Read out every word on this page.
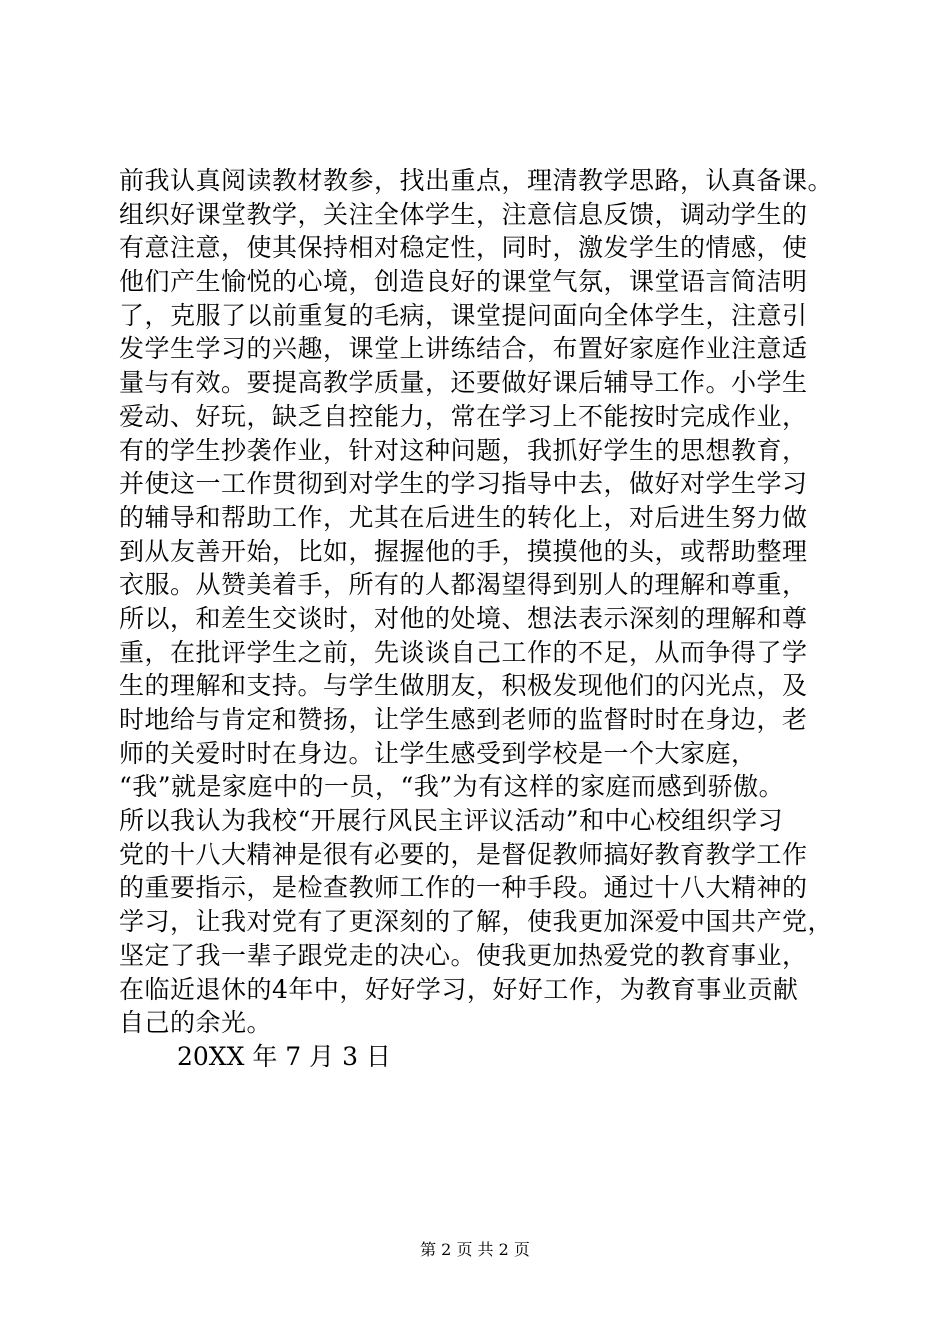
前我认真阅读教材教参，找出重点，理清教学思路，认真备课。
组织好课堂教学，关注全体学生，注意信息反馈，调动学生的
有意注意，使其保持相对稳定性，同时，激发学生的情感，使
他们产生愉悦的心境，创造良好的课堂气氛，课堂语言简洁明
了，克服了以前重复的毛病，课堂提问面向全体学生，注意引
发学生学习的兴趣，课堂上讲练结合，布置好家庭作业注意适
量与有效。要提高教学质量，还要做好课后辅导工作。小学生
爱动、好玩，缺乏自控能力，常在学习上不能按时完成作业，
有的学生抄袭作业，针对这种问题，我抓好学生的思想教育，
并使这一工作贯彻到对学生的学习指导中去，做好对学生学习
的辅导和帮助工作，尤其在后进生的转化上，对后进生努力做
到从友善开始，比如，握握他的手，摸摸他的头，或帮助整理
衣服。从赞美着手，所有的人都渴望得到别人的理解和尊重，
所以，和差生交谈时，对他的处境、想法表示深刻的理解和尊
重，在批评学生之前，先谈谈自己工作的不足，从而争得了学
生的理解和支持。与学生做朋友，积极发现他们的闪光点，及
时地给与肯定和赞扬，让学生感到老师的监督时时在身边，老
师的关爱时时在身边。让学生感受到学校是一个大家庭，
“我”就是家庭中的一员，“我”为有这样的家庭而感到骄傲。
所以我认为我校“开展行风民主评议活动”和中心校组织学习
党的十八大精神是很有必要的，是督促教师搞好教育教学工作
的重要指示，是检查教师工作的一种手段。通过十八大精神的
学习，让我对党有了更深刻的了解，使我更加深爱中国共产党，
坚定了我一辈子跟党走的决心。使我更加热爱党的教育事业，
在临近退休的4年中，好好学习，好好工作，为教育事业贡献
自己的余光。
20XX 年 7 月 3 日
第 2 页 共 2 页
